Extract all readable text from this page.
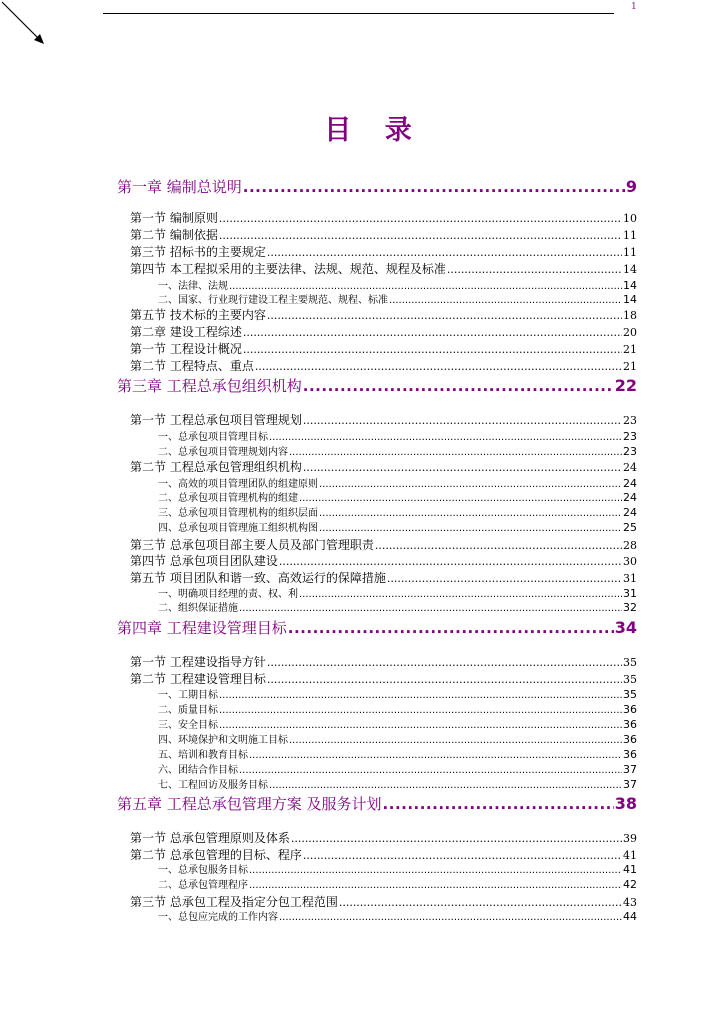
1
目 录
第一章 编制总说明 .....	9
第一节 编制原则 .....	10
第二节 编制依据 .....	11
第三节 招标书的主要规定 .....	11
第四节 本工程拟采用的主要法律、法规、规范、规程及标准 .....	14
一、法律、法规 .....	14
二、国家、行业现行建设工程主要规范、规程、标准 .....	14
第五节 技术标的主要内容 .....	18
第二章 建设工程综述 .....	20
第一节 工程设计概况 .....	21
第二节 工程特点、重点 .....	21
第三章 工程总承包组织机构 .....	22
第一节 工程总承包项目管理规划 .....	23
一、总承包项目管理目标 .....	23
二、总承包项目管理规划内容 .....	23
第二节 工程总承包管理组织机构 .....	24
一、高效的项目管理团队的组建原则 .....	24
二、总承包项目管理机构的组建 .....	24
三、总承包项目管理机构的组织层面 .....	24
四、总承包项目管理施工组织机构图 .....	25
第三节 总承包项目部主要人员及部门管理职责 .....	28
第四节 总承包项目团队建设 .....	30
第五节 项目团队和谐一致、高效运行的保障措施 .....	31
一、明确项目经理的责、权、利 .....	31
二、组织保证措施 .....	32
第四章 工程建设管理目标 .....	34
第一节 工程建设指导方针 .....	35
第二节 工程建设管理目标 .....	35
一、工期目标 .....	35
二、质量目标 .....	36
三、安全目标 .....	36
四、环境保护和文明施工目标 .....	36
五、培训和教育目标 .....	36
六、团结合作目标 .....	37
七、工程回访及服务目标 .....	37
第五章 工程总承包管理方案 及服务计划 .....	38
第一节 总承包管理原则及体系 .....	39
第二节 总承包管理的目标、程序 .....	41
一、总承包服务目标 .....	41
二、总承包管理程序 .....	42
第三节 总承包工程及指定分包工程范围 .....	43
一、总包应完成的工作内容 .....	44
